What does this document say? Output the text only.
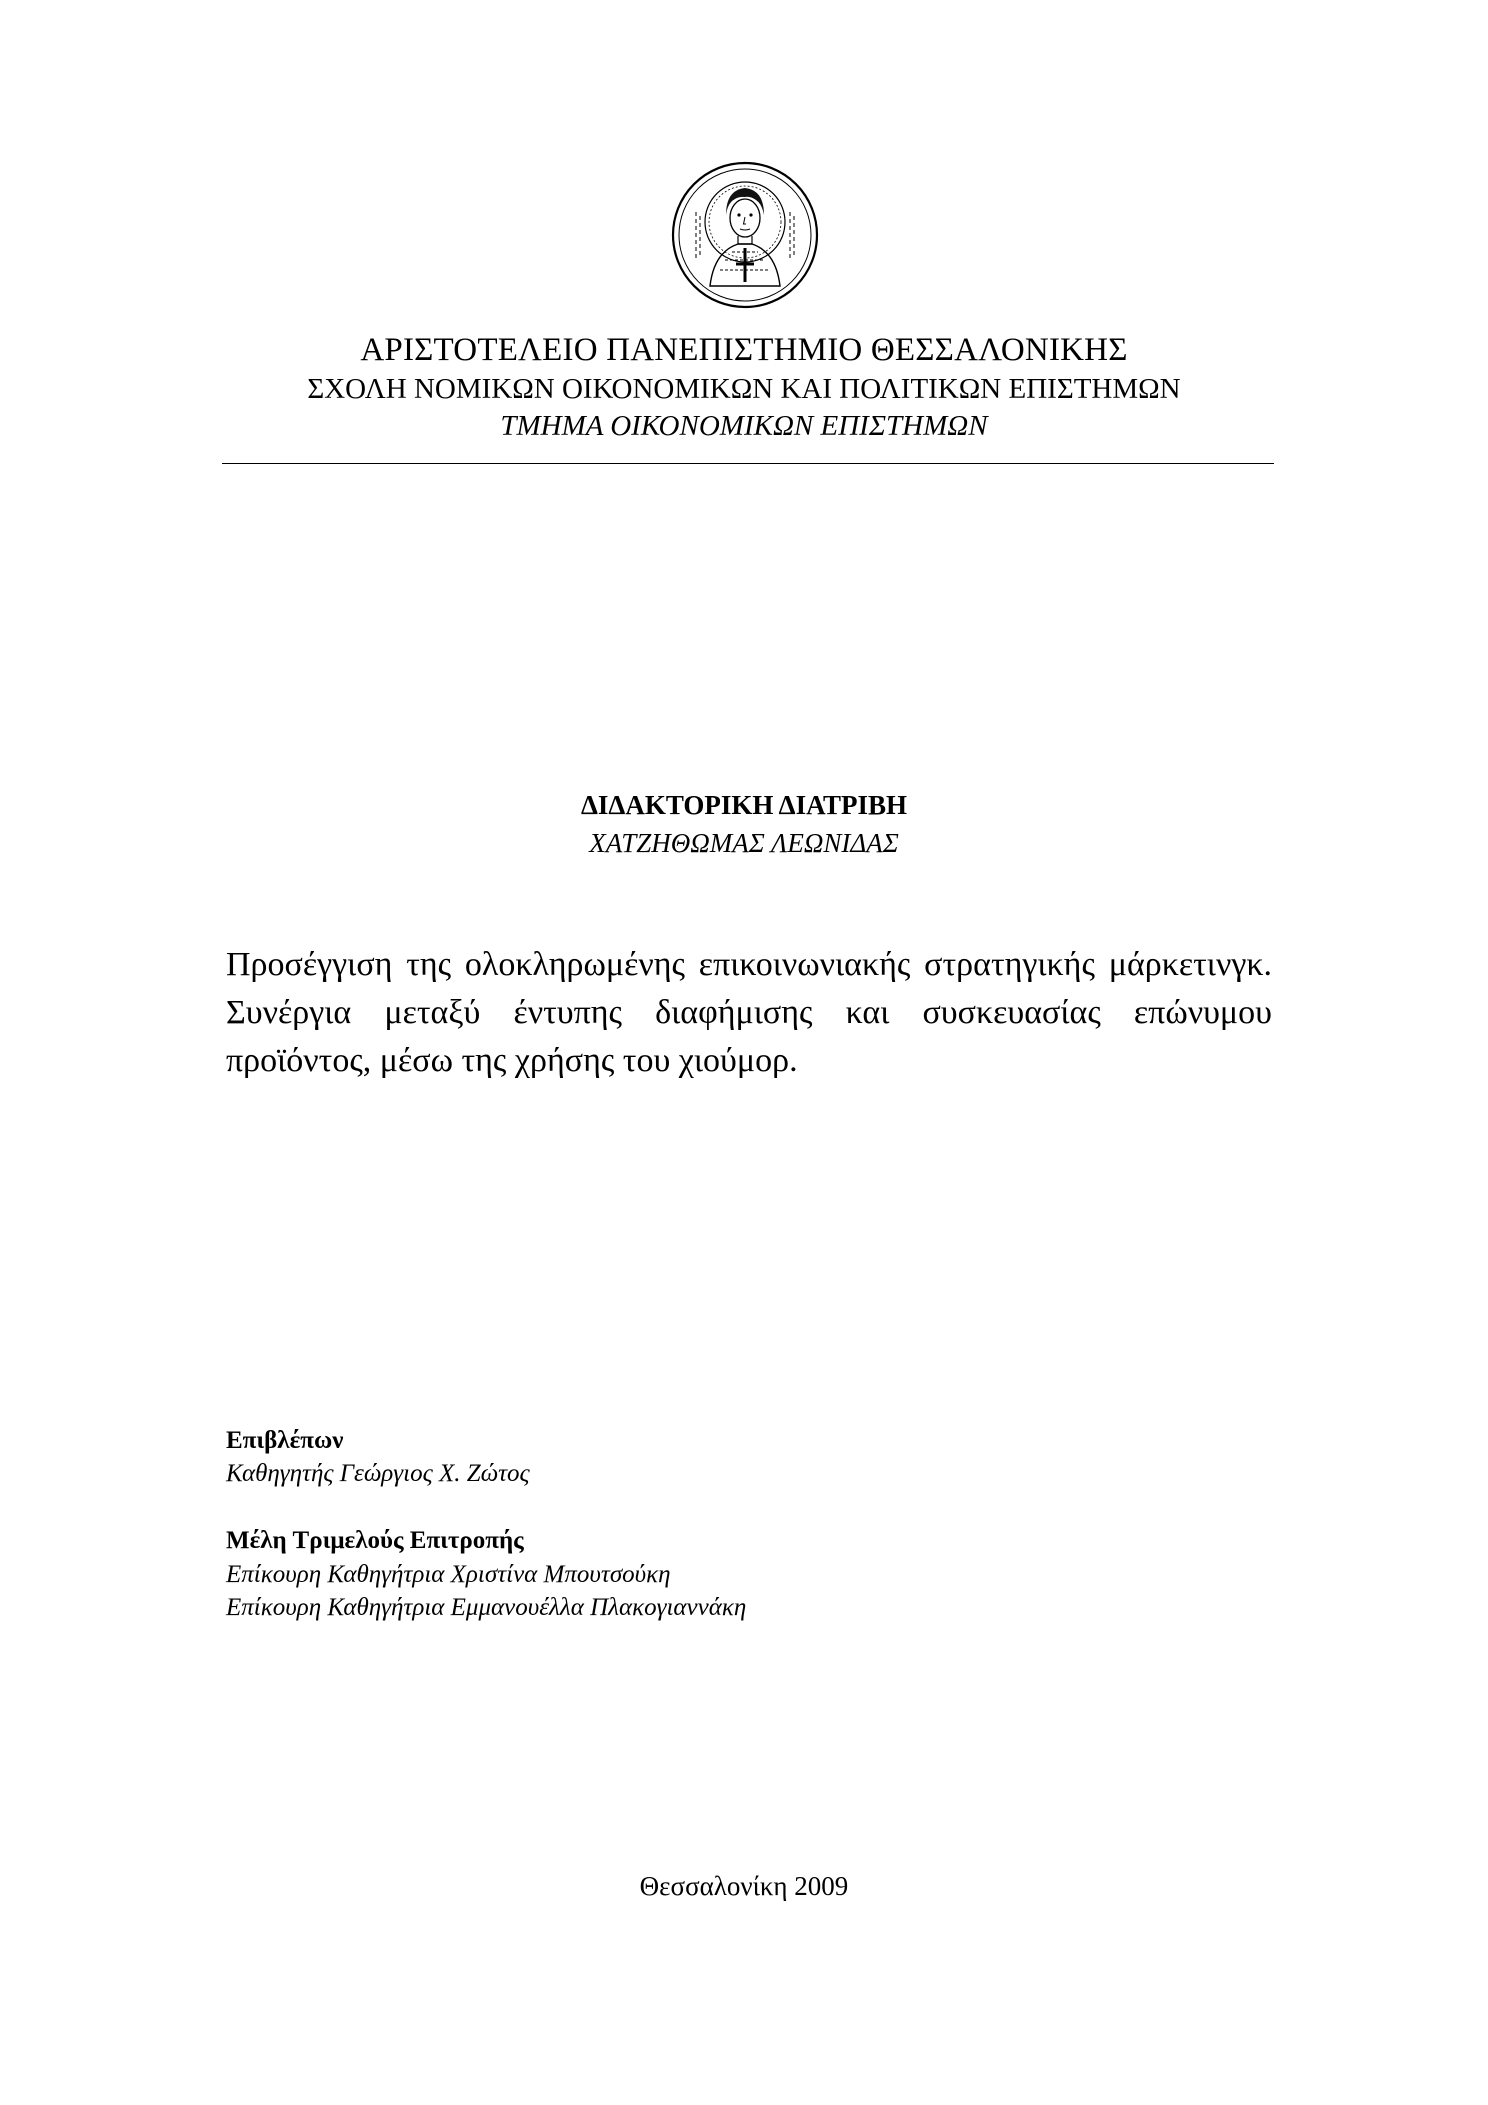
ΑΡΙΣΤΟΤΕΛΕΙΟ ΠΑΝΕΠΙΣΤΗΜΙΟ ΘΕΣΣΑΛΟΝΙΚΗΣ
ΣΧΟΛΗ ΝΟΜΙΚΩΝ ΟΙΚΟΝΟΜΙΚΩΝ ΚΑΙ ΠΟΛΙΤΙΚΩΝ ΕΠΙΣΤΗΜΩΝ
ΤΜΗΜΑ ΟΙΚΟΝΟΜΙΚΩΝ ΕΠΙΣΤΗΜΩΝ
ΔΙΔΑΚΤΟΡΙΚΗ ΔΙΑΤΡΙΒΗ
ΧΑΤΖΗΘΩΜΑΣ ΛΕΩΝΙΔΑΣ
Προσέγγιση της ολοκληρωμένης επικοινωνιακής στρατηγικής μάρκετινγκ. Συνέργια μεταξύ έντυπης διαφήμισης και συσκευασίας επώνυμου προϊόντος, μέσω της χρήσης του χιούμορ.
Επιβλέπων
Καθηγητής Γεώργιος Χ. Ζώτος
Μέλη Τριμελούς Επιτροπής
Επίκουρη Καθηγήτρια Χριστίνα Μπουτσούκη
Επίκουρη Καθηγήτρια Εμμανουέλλα Πλακογιαννάκη
Θεσσαλονίκη 2009
